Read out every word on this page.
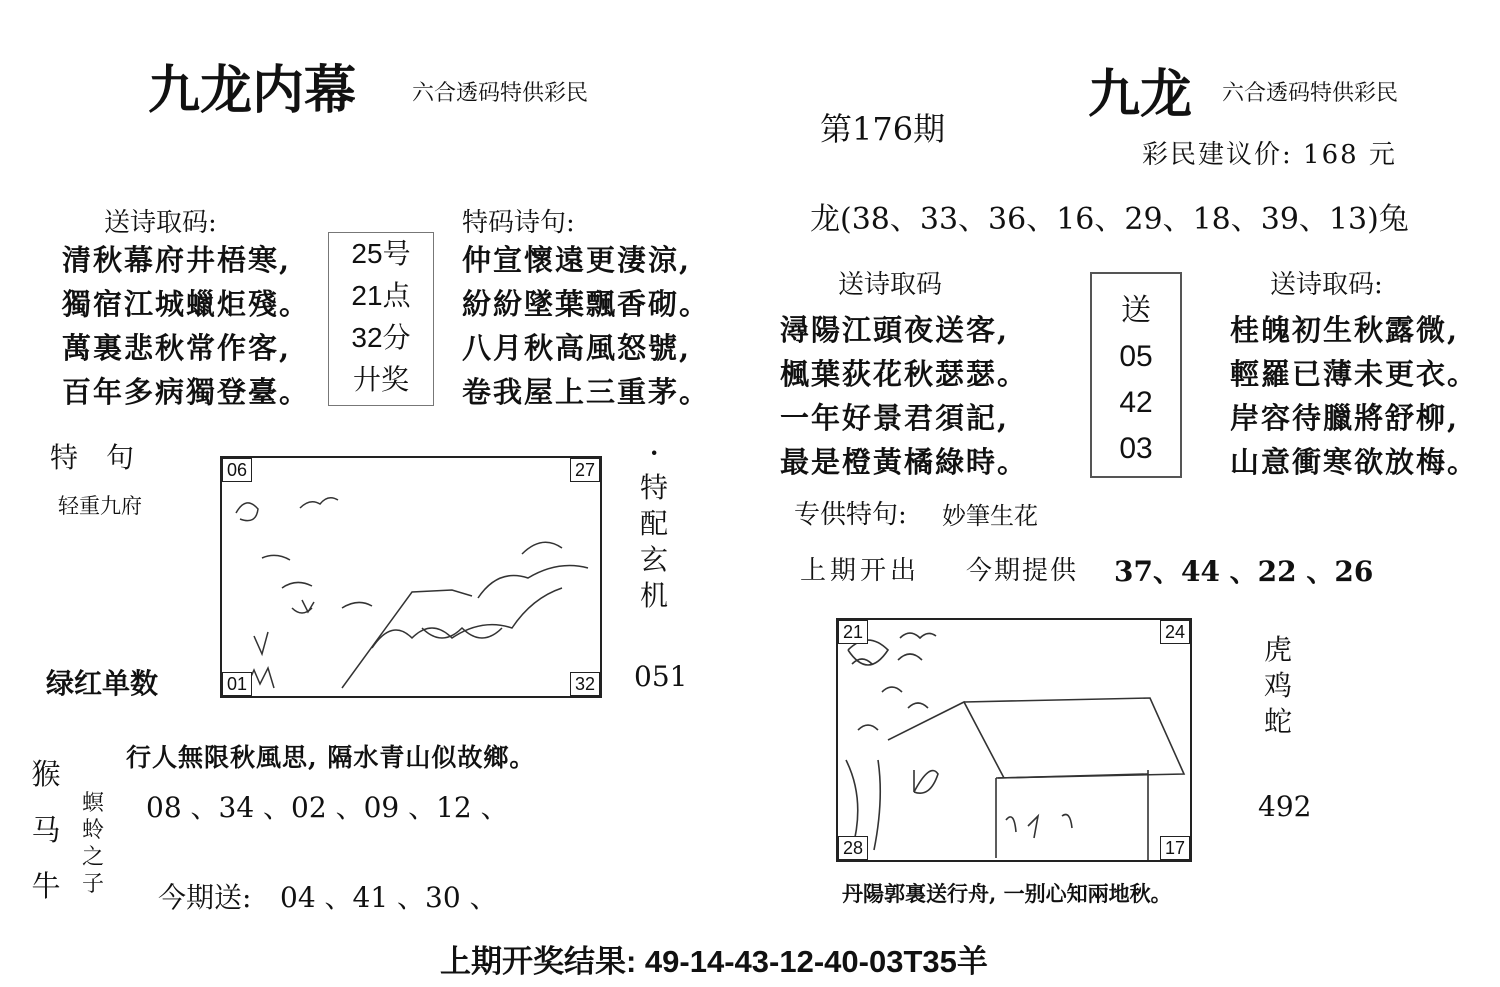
九龙内幕	六合透码特供彩民
送诗取码:
清秋幕府井梧寒,
獨宿江城蠟炬殘。
萬裏悲秋常作客,
百年多病獨登臺。
25号
21点
32分
廾奖
特码诗句:
仲宣懷遠更淒涼,
紛紛墜葉飄香砌。
八月秋高風怒號,
卷我屋上三重茅。
特　句
轻重九府
06	27
01	32
·
特
配
玄
机
绿红单数	051
行人無限秋風思, 隔水青山似故鄉。
猴
马
牛
螟
蛉
之
子
08 、34 、02 、09 、12 、
今期送: 04 、41 、30 、
第176期
九龙 六合透码特供彩民
彩民建议价: 168 元
龙(38、33、36、16、29、18、39、13)兔
送诗取码
潯陽江頭夜送客,
楓葉荻花秋瑟瑟。
一年好景君須記,
最是橙黃橘綠時。
送
05
42
03
送诗取码:
桂魄初生秋露微,
輕羅已薄未更衣。
岸容待臘將舒柳,
山意衝寒欲放梅。
专供特句: 妙筆生花
上期开出 今期提供 37、44 、22 、26
21	24
28	17
虎
鸡
蛇
492
丹陽郭裏送行舟, 一别心知兩地秋。
上期开奖结果: 49-14-43-12-40-03T35羊
